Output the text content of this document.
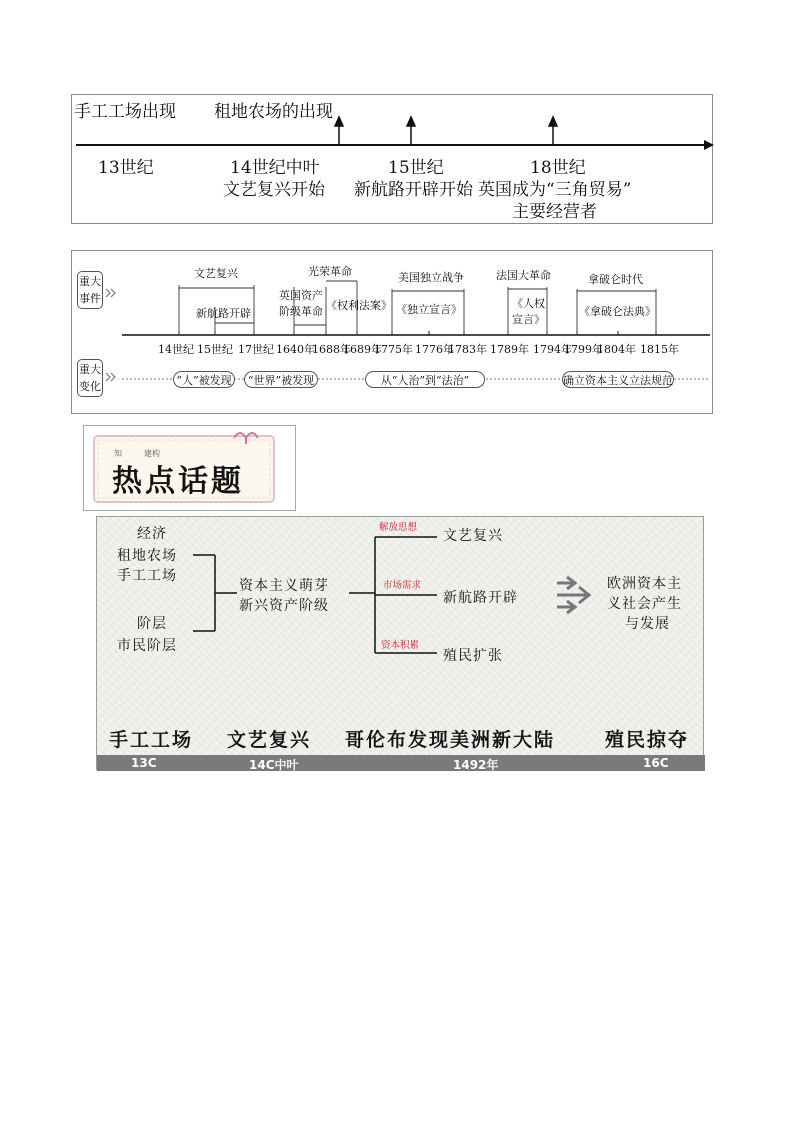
手工工场出现 租地农场的出现
13世纪	14世纪中叶
文艺复兴开始
15世纪
新航路开辟开始
18世纪
英国成为“三角贸易”
主要经营者
重大
事件
重大
变化
文艺复兴
新航路开辟
光荣革命
英国资产
阶级革命 《权利法案》
美国独立战争
《独立宣言》
法国大革命
《人权
宣言》
拿破仑时代
《拿破仑法典》
14世纪 15世纪 17世纪 1640年
1688年
1689年
1775年 1776年
1783年 1789年 1794年
1799年
1804年 1815年
“人”被发现	“世界”被发现	从“人治”到“法治”	确立资本主义立法规范
知	建构
热点话题
经济
租地农场
手工工场
阶层
市民阶层
资本主义萌芽
新兴资产阶级
解放思想
市场需求
资本积累
文艺复兴
新航路开辟
殖民扩张
欧洲资本主
义社会产生
与发展
手工工场 文艺复兴 哥伦布发现美洲新大陆	殖民掠夺
13C	14C中叶	1492年	16C
